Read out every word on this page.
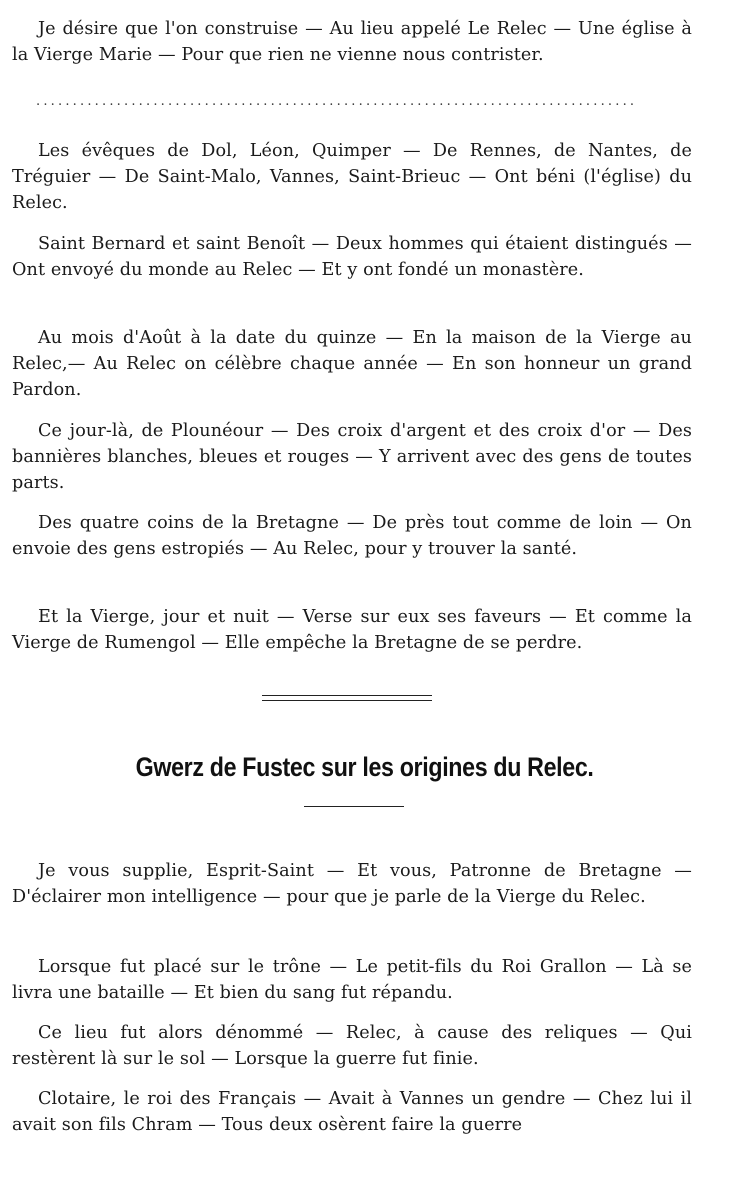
Je désire que l'on construise — Au lieu appelé Le Relec — Une église à la Vierge Marie — Pour que rien ne vienne nous contrister.

..................................................................................

Les évêques de Dol, Léon, Quimper — De Rennes, de Nantes, de Tréguier — De Saint-Malo, Vannes, Saint-Brieuc — Ont béni (l'église) du Relec.

Saint Bernard et saint Benoît — Deux hommes qui étaient distingués — Ont envoyé du monde au Relec — Et y ont fondé un monastère.

Au mois d'Août à la date du quinze — En la maison de la Vierge au Relec,— Au Relec on célèbre chaque année — En son honneur un grand Pardon.

Ce jour-là, de Plounéour — Des croix d'argent et des croix d'or — Des bannières blanches, bleues et rouges — Y arrivent avec des gens de toutes parts.

Des quatre coins de la Bretagne — De près tout comme de loin — On envoie des gens estropiés — Au Relec, pour y trouver la santé.

Et la Vierge, jour et nuit — Verse sur eux ses faveurs — Et comme la Vierge de Rumengol — Elle empêche la Bretagne de se perdre.

Gwerz de Fustec sur les origines du Relec.

Je vous supplie, Esprit-Saint — Et vous, Patronne de Bretagne — D'éclairer mon intelligence — pour que je parle de la Vierge du Relec.

Lorsque fut placé sur le trône — Le petit-fils du Roi Grallon — Là se livra une bataille — Et bien du sang fut répandu.

Ce lieu fut alors dénommé — Relec, à cause des reliques — Qui restèrent là sur le sol — Lorsque la guerre fut finie.

Clotaire, le roi des Français — Avait à Vannes un gendre — Chez lui il avait son fils Chram — Tous deux osèrent faire la guerre
